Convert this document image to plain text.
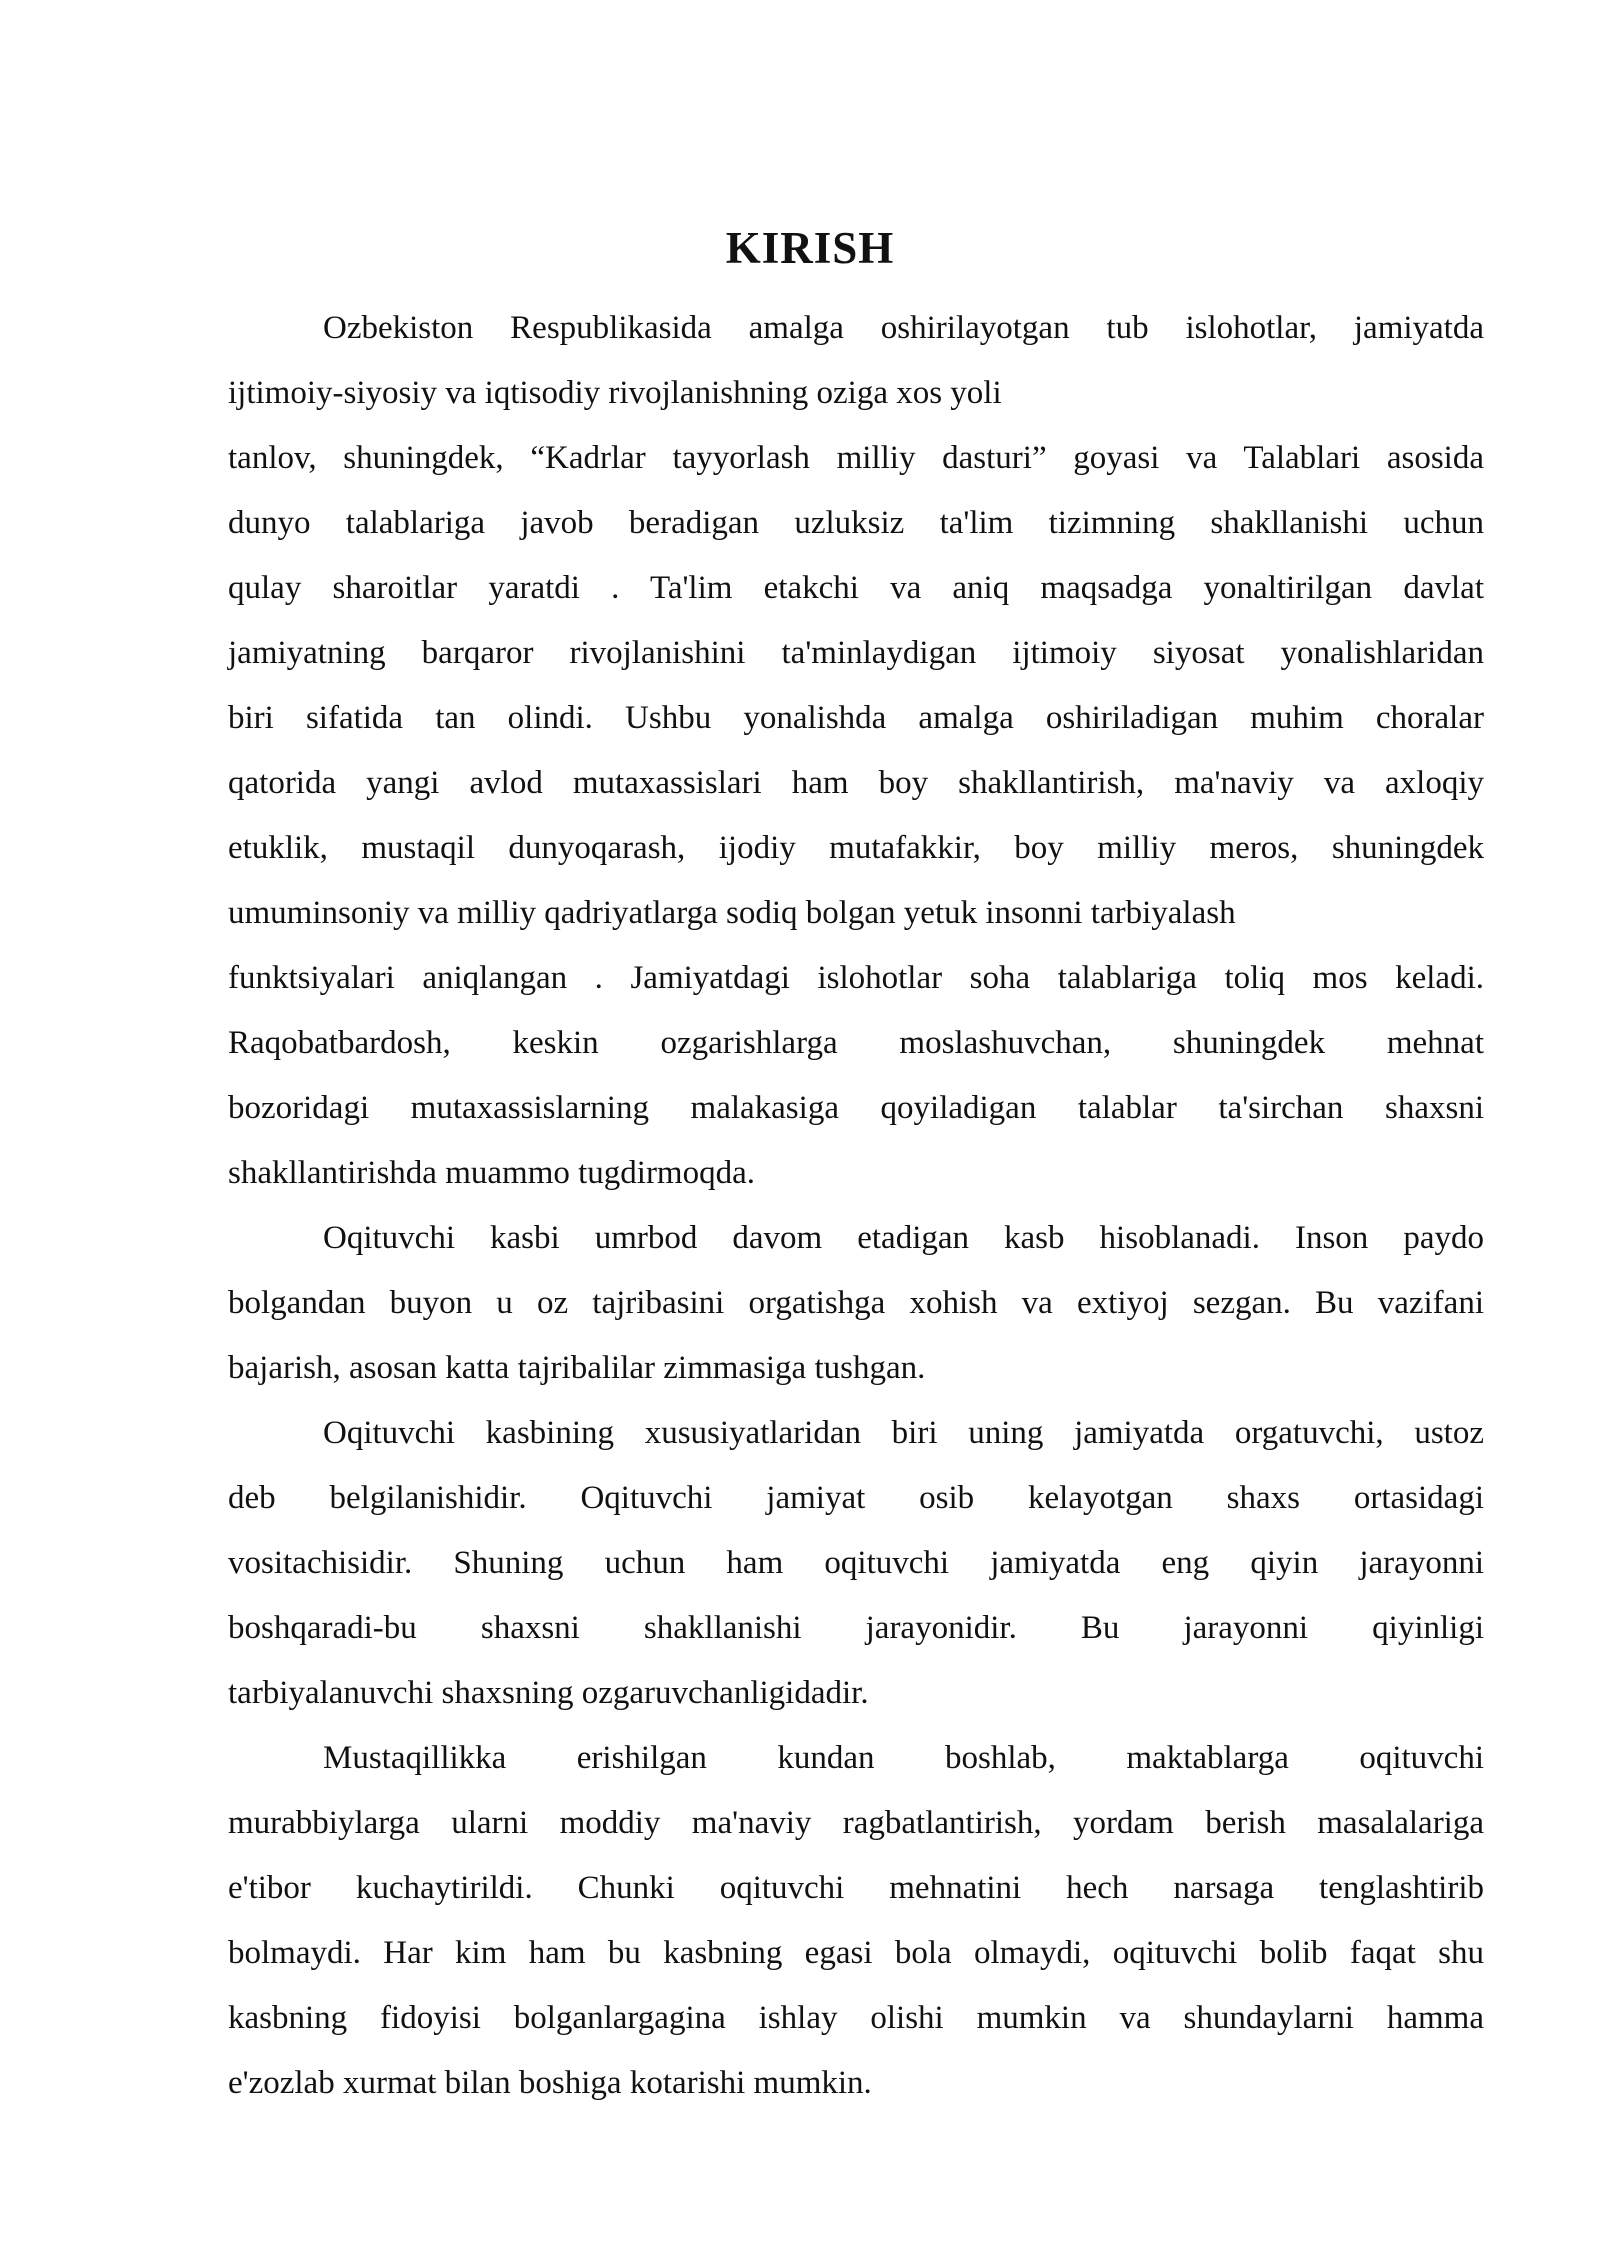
KIRISH
Ozbekiston Respublikasida amalga oshirilayotgan tub islohotlar, jamiyatda
ijtimoiy-siyosiy va iqtisodiy rivojlanishning oziga xos yoli
tanlov, shuningdek, “Kadrlar tayyorlash milliy dasturi” goyasi va Talablari asosida
dunyo talablariga javob beradigan uzluksiz ta'lim tizimning shakllanishi uchun
qulay sharoitlar yaratdi . Ta'lim etakchi va aniq maqsadga yonaltirilgan davlat
jamiyatning barqaror rivojlanishini ta'minlaydigan ijtimoiy siyosat yonalishlaridan
biri sifatida tan olindi. Ushbu yonalishda amalga oshiriladigan muhim choralar
qatorida yangi avlod mutaxassislari ham boy shakllantirish, ma'naviy va axloqiy
etuklik, mustaqil dunyoqarash, ijodiy mutafakkir, boy milliy meros, shuningdek
umuminsoniy va milliy qadriyatlarga sodiq bolgan yetuk insonni tarbiyalash
funktsiyalari aniqlangan . Jamiyatdagi islohotlar soha talablariga toliq mos keladi.
Raqobatbardosh, keskin ozgarishlarga moslashuvchan, shuningdek mehnat
bozoridagi mutaxassislarning malakasiga qoyiladigan talablar ta'sirchan shaxsni
shakllantirishda muammo tugdirmoqda.
Oqituvchi kasbi umrbod davom etadigan kasb hisoblanadi. Inson paydo
bolgandan buyon u oz tajribasini orgatishga xohish va extiyoj sezgan. Bu vazifani
bajarish, asosan katta tajribalilar zimmasiga tushgan.
Oqituvchi kasbining xususiyatlaridan biri uning jamiyatda orgatuvchi, ustoz
deb belgilanishidir. Oqituvchi jamiyat osib kelayotgan shaxs ortasidagi
vositachisidir. Shuning uchun ham oqituvchi jamiyatda eng qiyin jarayonni
boshqaradi-bu shaxsni shakllanishi jarayonidir. Bu jarayonni qiyinligi
tarbiyalanuvchi shaxsning ozgaruvchanligidadir.
Mustaqillikka erishilgan kundan boshlab, maktablarga oqituvchi
murabbiylarga ularni moddiy ma'naviy ragbatlantirish, yordam berish masalalariga
e'tibor kuchaytirildi. Chunki oqituvchi mehnatini hech narsaga tenglashtirib
bolmaydi. Har kim ham bu kasbning egasi bola olmaydi, oqituvchi bolib faqat shu
kasbning fidoyisi bolganlargagina ishlay olishi mumkin va shundaylarni hamma
e'zozlab xurmat bilan boshiga kotarishi mumkin.
